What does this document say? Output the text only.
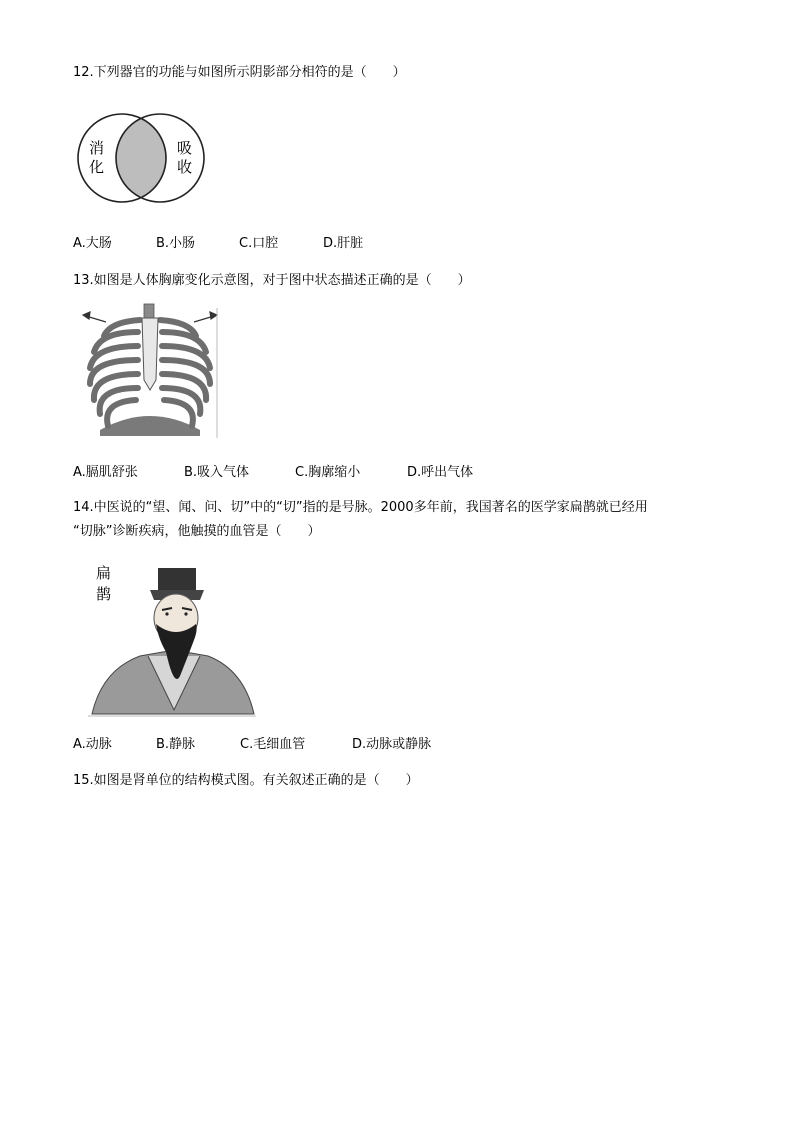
12.下列器官的功能与如图所示阴影部分相符的是（　　）
消
化
吸
收
A.大肠	B.小肠	C.口腔	D.肝脏
13.如图是人体胸廓变化示意图，对于图中状态描述正确的是（　　）
A.膈肌舒张	B.吸入气体	C.胸廓缩小	D.呼出气体
14.中医说的“望、闻、问、切”中的“切”指的是号脉。2000多年前，我国著名的医学家扁鹊就已经用
“切脉”诊断疾病，他触摸的血管是（　　）
扁
鹊
A.动脉	B.静脉	C.毛细血管	D.动脉或静脉
15.如图是肾单位的结构模式图。有关叙述正确的是（　　）
